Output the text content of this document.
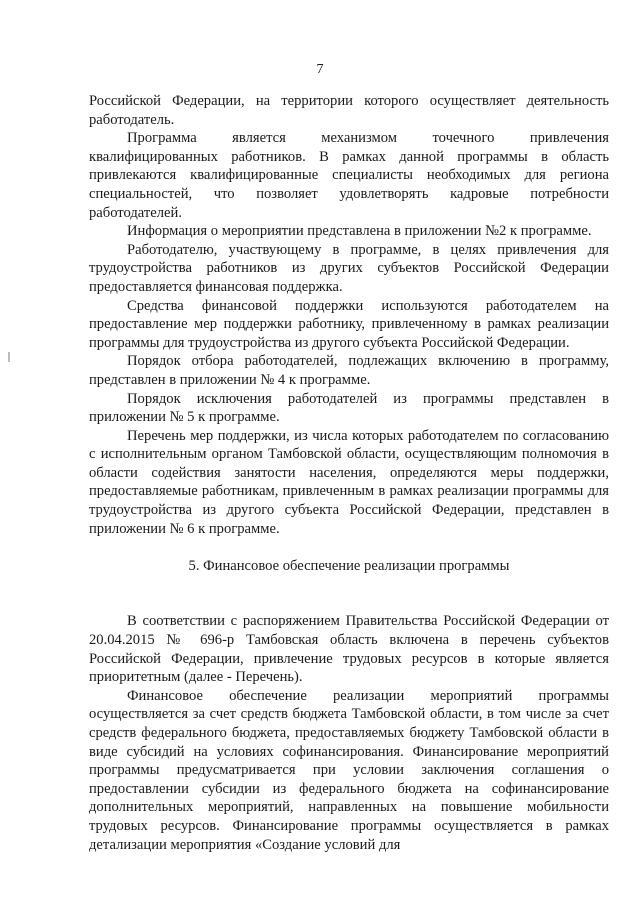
7

Российской Федерации, на территории которого осуществляет деятельность работодатель.

Программа является механизмом точечного привлечения квалифицированных работников. В рамках данной программы в область привлекаются квалифицированные специалисты необходимых для региона специальностей, что позволяет удовлетворять кадровые потребности работодателей.

Информация о мероприятии представлена в приложении №2 к программе.

Работодателю, участвующему в программе, в целях привлечения для трудоустройства работников из других субъектов Российской Федерации предоставляется финансовая поддержка.

Средства финансовой поддержки используются работодателем на предоставление мер поддержки работнику, привлеченному в рамках реализации программы для трудоустройства из другого субъекта Российской Федерации.

Порядок отбора работодателей, подлежащих включению в программу, представлен в приложении № 4 к программе.

Порядок исключения работодателей из программы представлен в приложении № 5 к программе.

Перечень мер поддержки, из числа которых работодателем по согласованию с исполнительным органом Тамбовской области, осуществляющим полномочия в области содействия занятости населения, определяются меры поддержки, предоставляемые работникам, привлеченным в рамках реализации программы для трудоустройства из другого субъекта Российской Федерации, представлен в приложении № 6 к программе.

5. Финансовое обеспечение реализации программы

В соответствии с распоряжением Правительства Российской Федерации от 20.04.2015 № 696-р Тамбовская область включена в перечень субъектов Российской Федерации, привлечение трудовых ресурсов в которые является приоритетным (далее - Перечень).

Финансовое обеспечение реализации мероприятий программы осуществляется за счет средств бюджета Тамбовской области, в том числе за счет средств федерального бюджета, предоставляемых бюджету Тамбовской области в виде субсидий на условиях софинансирования. Финансирование мероприятий программы предусматривается при условии заключения соглашения о предоставлении субсидии из федерального бюджета на софинансирование дополнительных мероприятий, направленных на повышение мобильности трудовых ресурсов. Финансирование программы осуществляется в рамках детализации мероприятия «Создание условий для
